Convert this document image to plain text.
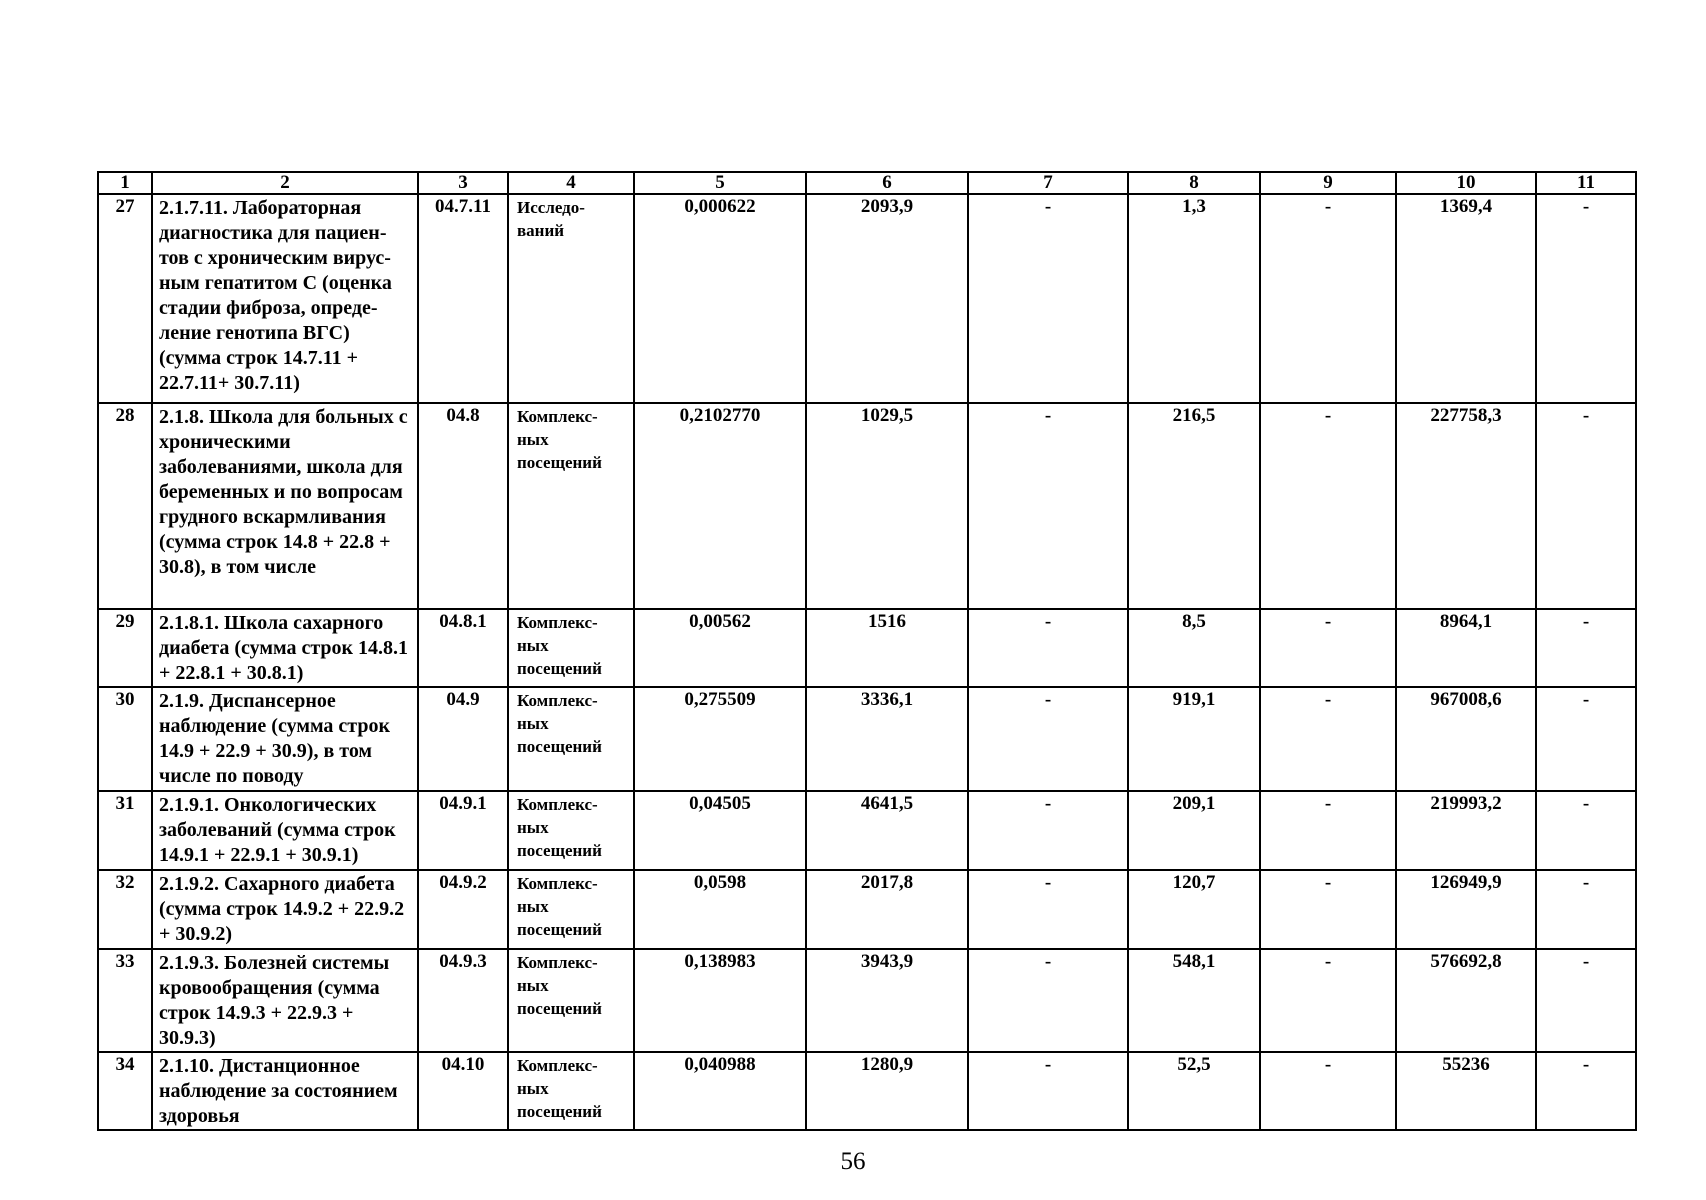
1	2	3	4	5	6	7	8	9	10	11
27	2.1.7.11. Лабораторная диагностика для пациен-тов с хроническим вирус-ным гепатитом С (оценка стадии фиброза, опреде-ление генотипа ВГС) (сумма строк 14.7.11 + 22.7.11+ 30.7.11)	04.7.11	Исследо-ваний	0,000622	2093,9	-	1,3	-	1369,4	-
28	2.1.8. Школа для больных с хроническими заболеваниями, школа для беременных и по вопросам грудного вскармливания (сумма строк 14.8 + 22.8 + 30.8), в том числе	04.8	Комплекс-ных посещений	0,2102770	1029,5	-	216,5	-	227758,3	-
29	2.1.8.1. Школа сахарного диабета (сумма строк 14.8.1 + 22.8.1 + 30.8.1)	04.8.1	Комплекс-ных посещений	0,00562	1516	-	8,5	-	8964,1	-
30	2.1.9. Диспансерное наблюдение (сумма строк 14.9 + 22.9 + 30.9), в том числе по поводу	04.9	Комплекс-ных посещений	0,275509	3336,1	-	919,1	-	967008,6	-
31	2.1.9.1. Онкологических заболеваний (сумма строк 14.9.1 + 22.9.1 + 30.9.1)	04.9.1	Комплекс-ных посещений	0,04505	4641,5	-	209,1	-	219993,2	-
32	2.1.9.2. Сахарного диабета (сумма строк 14.9.2 + 22.9.2 + 30.9.2)	04.9.2	Комплекс-ных посещений	0,0598	2017,8	-	120,7	-	126949,9	-
33	2.1.9.3. Болезней системы кровообращения (сумма строк 14.9.3 + 22.9.3 + 30.9.3)	04.9.3	Комплекс-ных посещений	0,138983	3943,9	-	548,1	-	576692,8	-
34	2.1.10. Дистанционное наблюдение за состоянием здоровья	04.10	Комплекс-ных посещений	0,040988	1280,9	-	52,5	-	55236	-
56
